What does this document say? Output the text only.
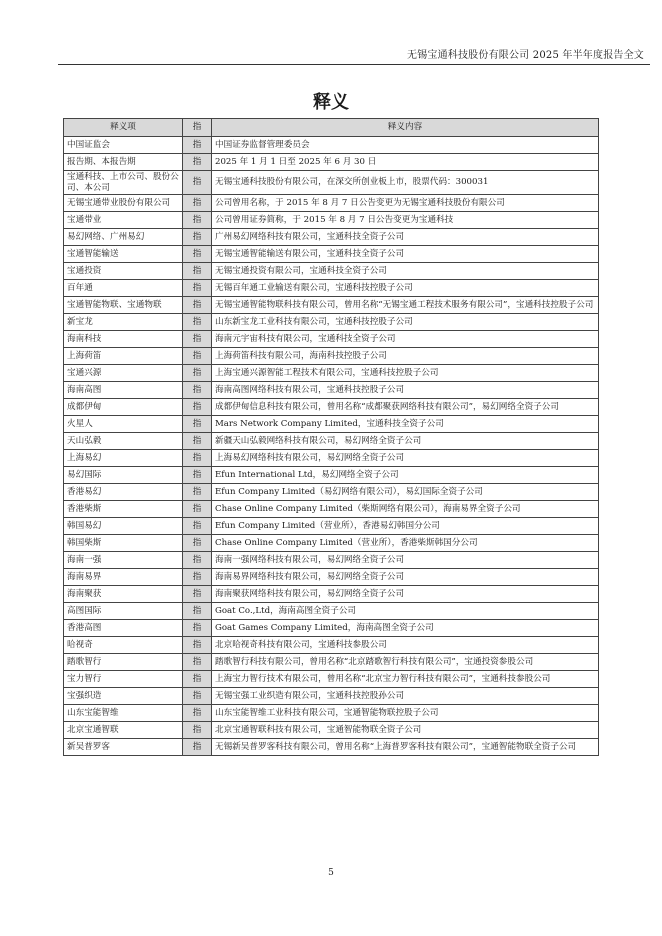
无锡宝通科技股份有限公司 2025 年半年度报告全文
释义
释义项	指	释义内容
中国证监会	指	中国证券监督管理委员会
报告期、本报告期	指	2025 年 1 月 1 日至 2025 年 6 月 30 日
宝通科技、上市公司、股份公司、本公司	指	无锡宝通科技股份有限公司，在深交所创业板上市，股票代码：300031
无锡宝通带业股份有限公司	指	公司曾用名称，于 2015 年 8 月 7 日公告变更为无锡宝通科技股份有限公司
宝通带业	指	公司曾用证券简称，于 2015 年 8 月 7 日公告变更为宝通科技
易幻网络、广州易幻	指	广州易幻网络科技有限公司，宝通科技全资子公司
宝通智能输送	指	无锡宝通智能输送有限公司，宝通科技全资子公司
宝通投资	指	无锡宝通投资有限公司，宝通科技全资子公司
百年通	指	无锡百年通工业输送有限公司，宝通科技控股子公司
宝通智能物联、宝通物联	指	无锡宝通智能物联科技有限公司，曾用名称“无锡宝通工程技术服务有限公司”，宝通科技控股子公司
新宝龙	指	山东新宝龙工业科技有限公司，宝通科技控股子公司
海南科技	指	海南元宇宙科技有限公司，宝通科技全资子公司
上海荷笛	指	上海荷笛科技有限公司，海南科技控股子公司
宝通兴源	指	上海宝通兴源智能工程技术有限公司，宝通科技控股子公司
海南高图	指	海南高图网络科技有限公司，宝通科技控股子公司
成都伊甸	指	成都伊甸信息科技有限公司，曾用名称“成都聚获网络科技有限公司”，易幻网络全资子公司
火星人	指	Mars Network Company Limited，宝通科技全资子公司
天山弘毅	指	新疆天山弘毅网络科技有限公司，易幻网络全资子公司
上海易幻	指	上海易幻网络科技有限公司，易幻网络全资子公司
易幻国际	指	Efun International Ltd，易幻网络全资子公司
香港易幻	指	Efun Company Limited（易幻网络有限公司），易幻国际全资子公司
香港柴斯	指	Chase Online Company Limited（柴斯网络有限公司），海南易界全资子公司
韩国易幻	指	Efun Company Limited（营业所），香港易幻韩国分公司
韩国柴斯	指	Chase Online Company Limited（营业所），香港柴斯韩国分公司
海南一强	指	海南一强网络科技有限公司，易幻网络全资子公司
海南易界	指	海南易界网络科技有限公司，易幻网络全资子公司
海南聚获	指	海南聚获网络科技有限公司，易幻网络全资子公司
高图国际	指	Goat Co.,Ltd，海南高图全资子公司
香港高图	指	Goat Games Company Limited，海南高图全资子公司
哈视奇	指	北京哈视奇科技有限公司，宝通科技参股公司
踏歌智行	指	踏歌智行科技有限公司，曾用名称“北京踏歌智行科技有限公司”，宝通投资参股公司
宝力智行	指	上海宝力智行技术有限公司，曾用名称“北京宝力智行科技有限公司”，宝通科技参股公司
宝强织造	指	无锡宝强工业织造有限公司，宝通科技控股孙公司
山东宝能智维	指	山东宝能智维工业科技有限公司，宝通智能物联控股子公司
北京宝通智联	指	北京宝通智联科技有限公司，宝通智能物联全资子公司
新吴普罗客	指	无锡新吴普罗客科技有限公司，曾用名称“上海普罗客科技有限公司”，宝通智能物联全资子公司
5
